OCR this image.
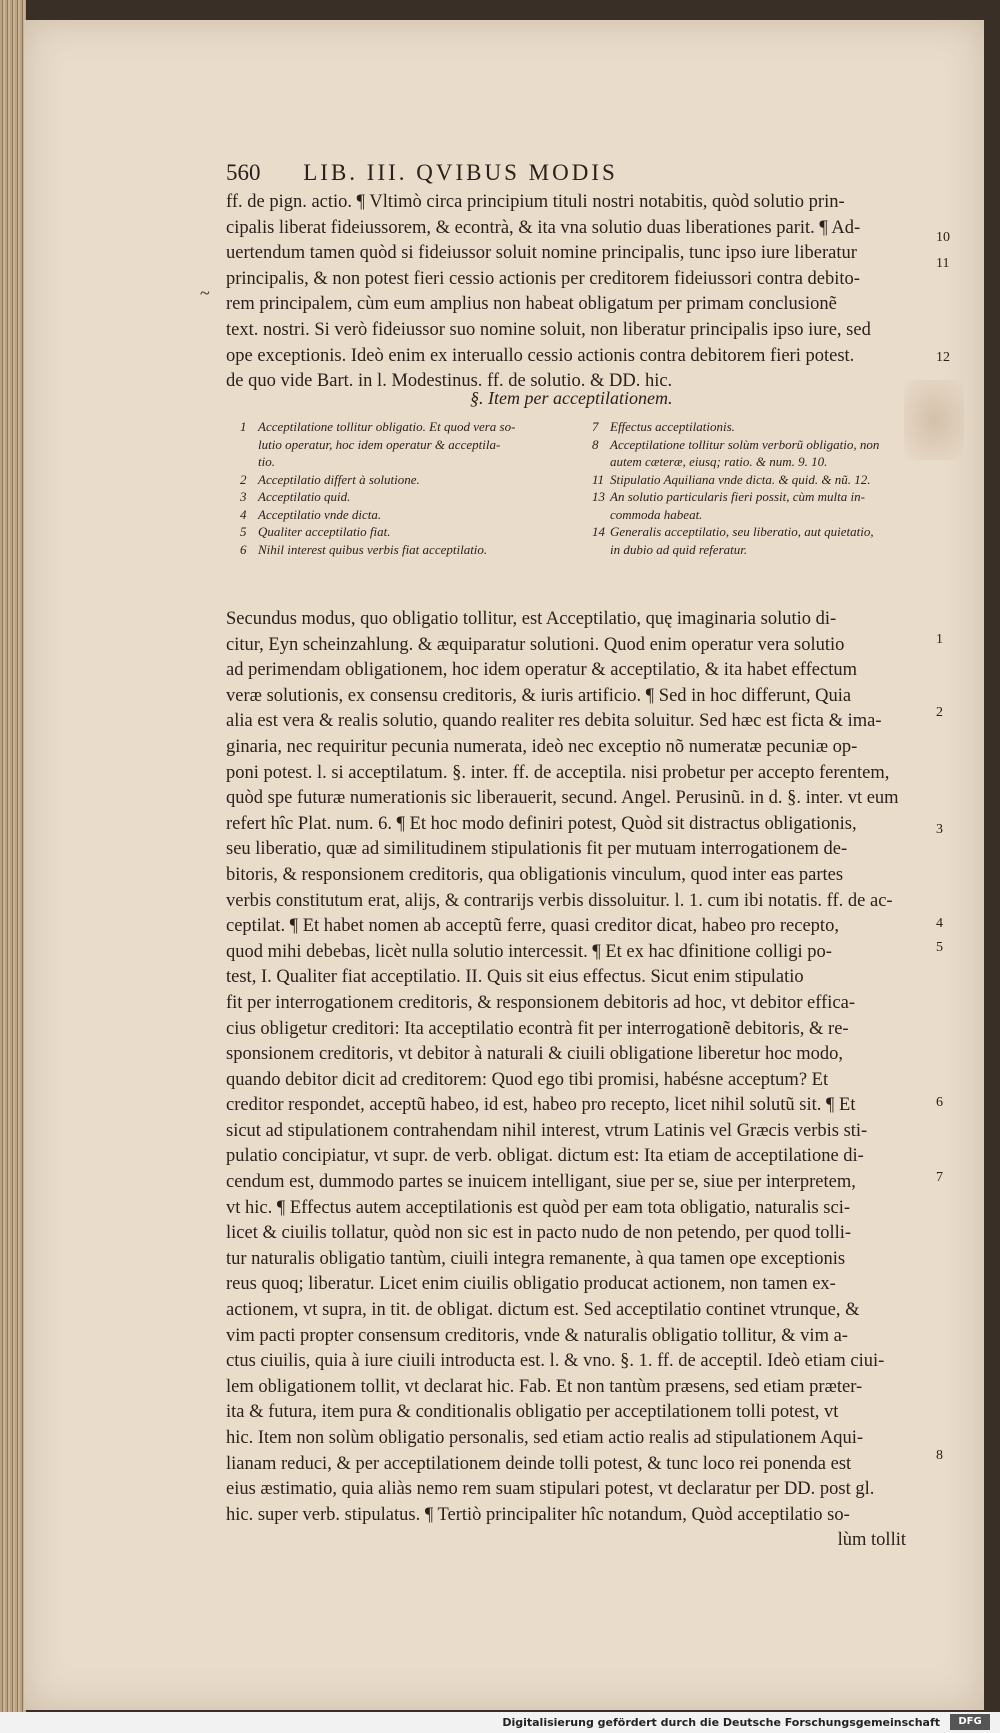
560 LIB. III. QVIBUS MODIS
~

ff. de pign. actio. ¶ Vltimò circa principium tituli nostri notabitis, quòd solutio prin-

cipalis liberat fideiussorem, & econtrà, & ita vna solutio duas liberationes parit. ¶ Ad-

uertendum tamen quòd si fideiussor soluit nomine principalis, tunc ipso iure liberatur

principalis, & non potest fieri cessio actionis per creditorem fideiussori contra debito-

rem principalem, cùm eum amplius non habeat obligatum per primam conclusionẽ

text. nostri. Si verò fideiussor suo nomine soluit, non liberatur principalis ipso iure, sed

ope exceptionis. Ideò enim ex interuallo cessio actionis contra debitorem fieri potest.

de quo vide Bart. in l. Modestinus. ff. de solutio. & DD. hic.

§. Item per acceptilationem.
1 Acceptilatione tollitur obligatio. Et quod vera so-
lutio operatur, hoc idem operatur & acceptila-
tio.
2 Acceptilatio differt à solutione.
3 Acceptilatio quid.
4 Acceptilatio vnde dicta.
5 Qualiter acceptilatio fiat.
6 Nihil interest quibus verbis fiat acceptilatio.
7 Effectus acceptilationis.
8 Acceptilatione tollitur solùm verborũ obligatio, non
autem cæteræ, eiusq; ratio. & num. 9. 10.
11 Stipulatio Aquiliana vnde dicta. & quid. & nũ. 12.
13 An solutio particularis fieri possit, cùm multa in-
commoda habeat.
14 Generalis acceptilatio, seu liberatio, aut quietatio,
in dubio ad quid referatur.

Secundus modus, quo obligatio tollitur, est Acceptilatio, quę imaginaria solutio di-

citur, Eyn scheinzahlung. & æquiparatur solutioni. Quod enim operatur vera solutio

ad perimendam obligationem, hoc idem operatur & acceptilatio, & ita habet effectum

veræ solutionis, ex consensu creditoris, & iuris artificio. ¶ Sed in hoc differunt, Quia

alia est vera & realis solutio, quando realiter res debita soluitur. Sed hæc est ficta & ima-

ginaria, nec requiritur pecunia numerata, ideò nec exceptio nõ numeratæ pecuniæ op-

poni potest. l. si acceptilatum. §. inter. ff. de acceptila. nisi probetur per accepto ferentem,

quòd spe futuræ numerationis sic liberauerit, secund. Angel. Perusinũ. in d. §. inter. vt eum

refert hîc Plat. num. 6. ¶ Et hoc modo definiri potest, Quòd sit distractus obligationis,

seu liberatio, quæ ad similitudinem stipulationis fit per mutuam interrogationem de-

bitoris, & responsionem creditoris, qua obligationis vinculum, quod inter eas partes

verbis constitutum erat, alijs, & contrarijs verbis dissoluitur. l. 1. cum ibi notatis. ff. de ac-

ceptilat. ¶ Et habet nomen ab acceptũ ferre, quasi creditor dicat, habeo pro recepto,

quod mihi debebas, licèt nulla solutio intercessit. ¶ Et ex hac dfinitione colligi po-

test, I. Qualiter fiat acceptilatio. II. Quis sit eius effectus. Sicut enim stipulatio

fit per interrogationem creditoris, & responsionem debitoris ad hoc, vt debitor effica-

cius obligetur creditori: Ita acceptilatio econtrà fit per interrogationẽ debitoris, & re-

sponsionem creditoris, vt debitor à naturali & ciuili obligatione liberetur hoc modo,

quando debitor dicit ad creditorem: Quod ego tibi promisi, habésne acceptum? Et

creditor respondet, acceptũ habeo, id est, habeo pro recepto, licet nihil solutũ sit. ¶ Et

sicut ad stipulationem contrahendam nihil interest, vtrum Latinis vel Græcis verbis sti-

pulatio concipiatur, vt supr. de verb. obligat. dictum est: Ita etiam de acceptilatione di-

cendum est, dummodo partes se inuicem intelligant, siue per se, siue per interpretem,

vt hic. ¶ Effectus autem acceptilationis est quòd per eam tota obligatio, naturalis sci-

licet & ciuilis tollatur, quòd non sic est in pacto nudo de non petendo, per quod tolli-

tur naturalis obligatio tantùm, ciuili integra remanente, à qua tamen ope exceptionis

reus quoq; liberatur. Licet enim ciuilis obligatio producat actionem, non tamen ex-

actionem, vt supra, in tit. de obligat. dictum est. Sed acceptilatio continet vtrunque, &

vim pacti propter consensum creditoris, vnde & naturalis obligatio tollitur, & vim a-

ctus ciuilis, quia à iure ciuili introducta est. l. & vno. §. 1. ff. de acceptil. Ideò etiam ciui-

lem obligationem tollit, vt declarat hic. Fab. Et non tantùm præsens, sed etiam præter-

ita & futura, item pura & conditionalis obligatio per acceptilationem tolli potest, vt

hic. Item non solùm obligatio personalis, sed etiam actio realis ad stipulationem Aqui-

lianam reduci, & per acceptilationem deinde tolli potest, & tunc loco rei ponenda est

eius æstimatio, quia aliàs nemo rem suam stipulari potest, vt declaratur per DD. post gl.

hic. super verb. stipulatus. ¶ Tertiò principaliter hîc notandum, Quòd acceptilatio so-

lùm tollit

10
11
12
1
2
3
4
5
6
7
8
Digitalisierung gefördert durch die Deutsche Forschungsgemeinschaft	DFG
